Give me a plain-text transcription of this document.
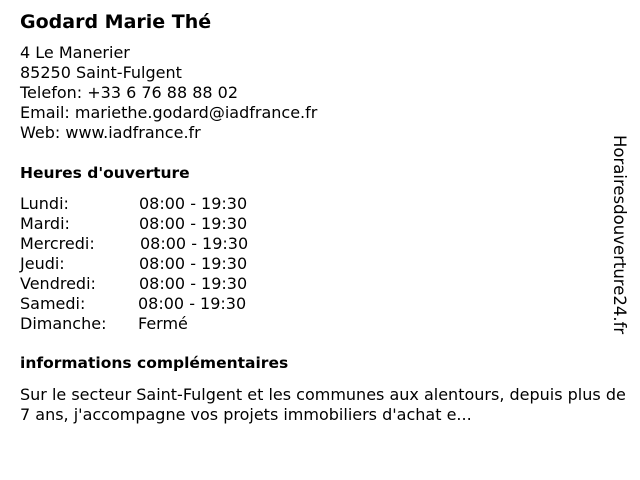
Godard Marie Thé
4 Le Manerier
85250 Saint-Fulgent
Telefon: +33 6 76 88 88 02
Email: mariethe.godard@iadfrance.fr
Web: www.iadfrance.fr
Heures d'ouverture
Lundi:	08:00 - 19:30
Mardi:	08:00 - 19:30
Mercredi:	08:00 - 19:30
Jeudi:	08:00 - 19:30
Vendredi:	08:00 - 19:30
Samedi:	08:00 - 19:30
Dimanche: Fermé
informations complémentaires
Sur le secteur Saint-Fulgent et les communes aux alentours, depuis plus de 7 ans, j'accompagne vos projets immobiliers d'achat e...
Horairesdouverture24.fr
